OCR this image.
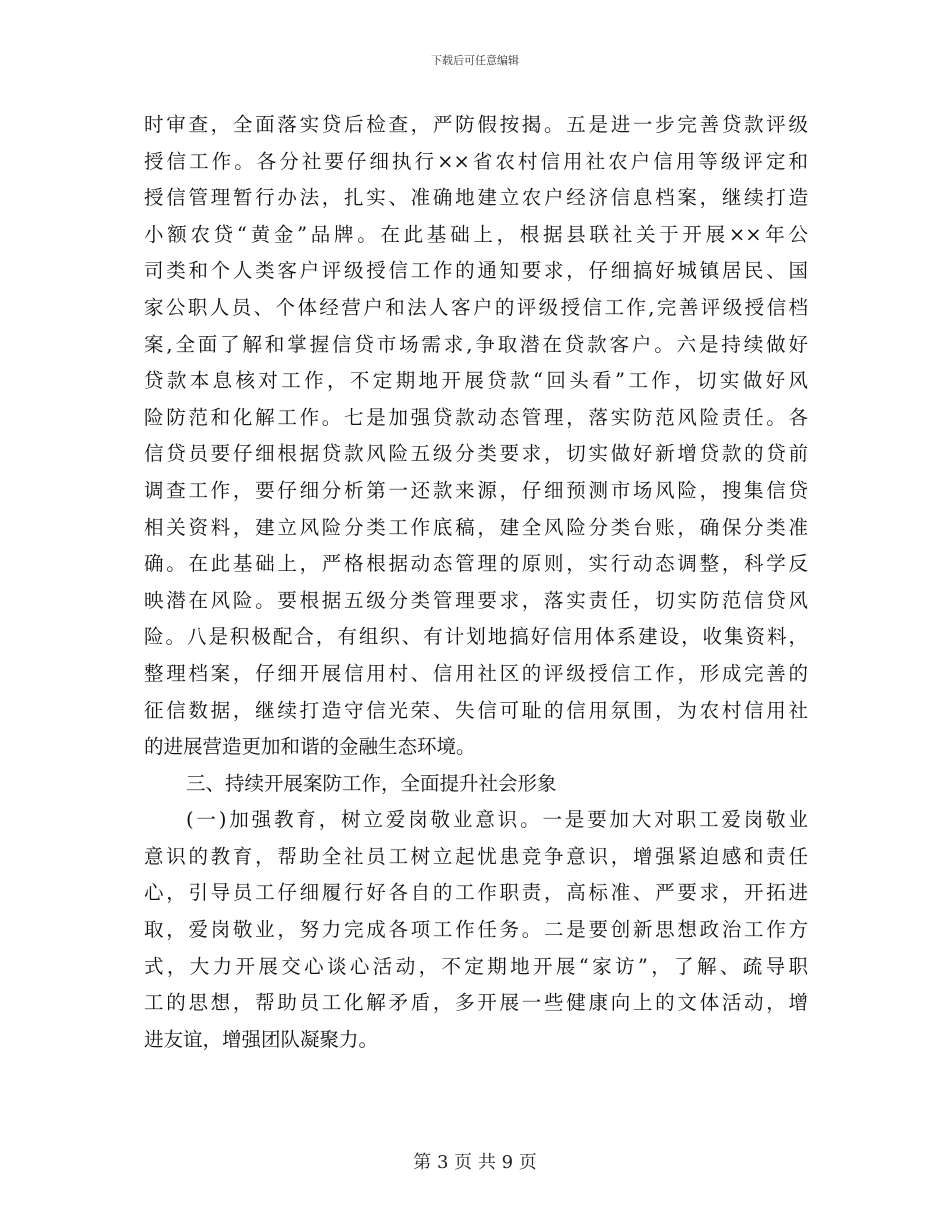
下载后可任意编辑
时审查，全面落实贷后检查，严防假按揭。五是进一步完善贷款评级
授信工作。各分社要仔细执行××省农村信用社农户信用等级评定和
授信管理暂行办法，扎实、准确地建立农户经济信息档案，继续打造
小额农贷“黄金”品牌。在此基础上，根据县联社关于开展××年公
司类和个人类客户评级授信工作的通知要求，仔细搞好城镇居民、国
家公职人员、个体经营户和法人客户的评级授信工作,完善评级授信档
案,全面了解和掌握信贷市场需求,争取潜在贷款客户。六是持续做好
贷款本息核对工作，不定期地开展贷款“回头看”工作，切实做好风
险防范和化解工作。七是加强贷款动态管理，落实防范风险责任。各
信贷员要仔细根据贷款风险五级分类要求，切实做好新增贷款的贷前
调查工作，要仔细分析第一还款来源，仔细预测市场风险，搜集信贷
相关资料，建立风险分类工作底稿，建全风险分类台账，确保分类准
确。在此基础上，严格根据动态管理的原则，实行动态调整，科学反
映潜在风险。要根据五级分类管理要求，落实责任，切实防范信贷风
险。八是积极配合，有组织、有计划地搞好信用体系建设，收集资料，
整理档案，仔细开展信用村、信用社区的评级授信工作，形成完善的
征信数据，继续打造守信光荣、失信可耻的信用氛围，为农村信用社
的进展营造更加和谐的金融生态环境。
三、持续开展案防工作，全面提升社会形象
(一)加强教育，树立爱岗敬业意识。一是要加大对职工爱岗敬业
意识的教育，帮助全社员工树立起忧患竞争意识，增强紧迫感和责任
心，引导员工仔细履行好各自的工作职责，高标准、严要求，开拓进
取，爱岗敬业，努力完成各项工作任务。二是要创新思想政治工作方
式，大力开展交心谈心活动，不定期地开展“家访”，了解、疏导职
工的思想，帮助员工化解矛盾，多开展一些健康向上的文体活动，增
进友谊，增强团队凝聚力。
第 3 页 共 9 页
